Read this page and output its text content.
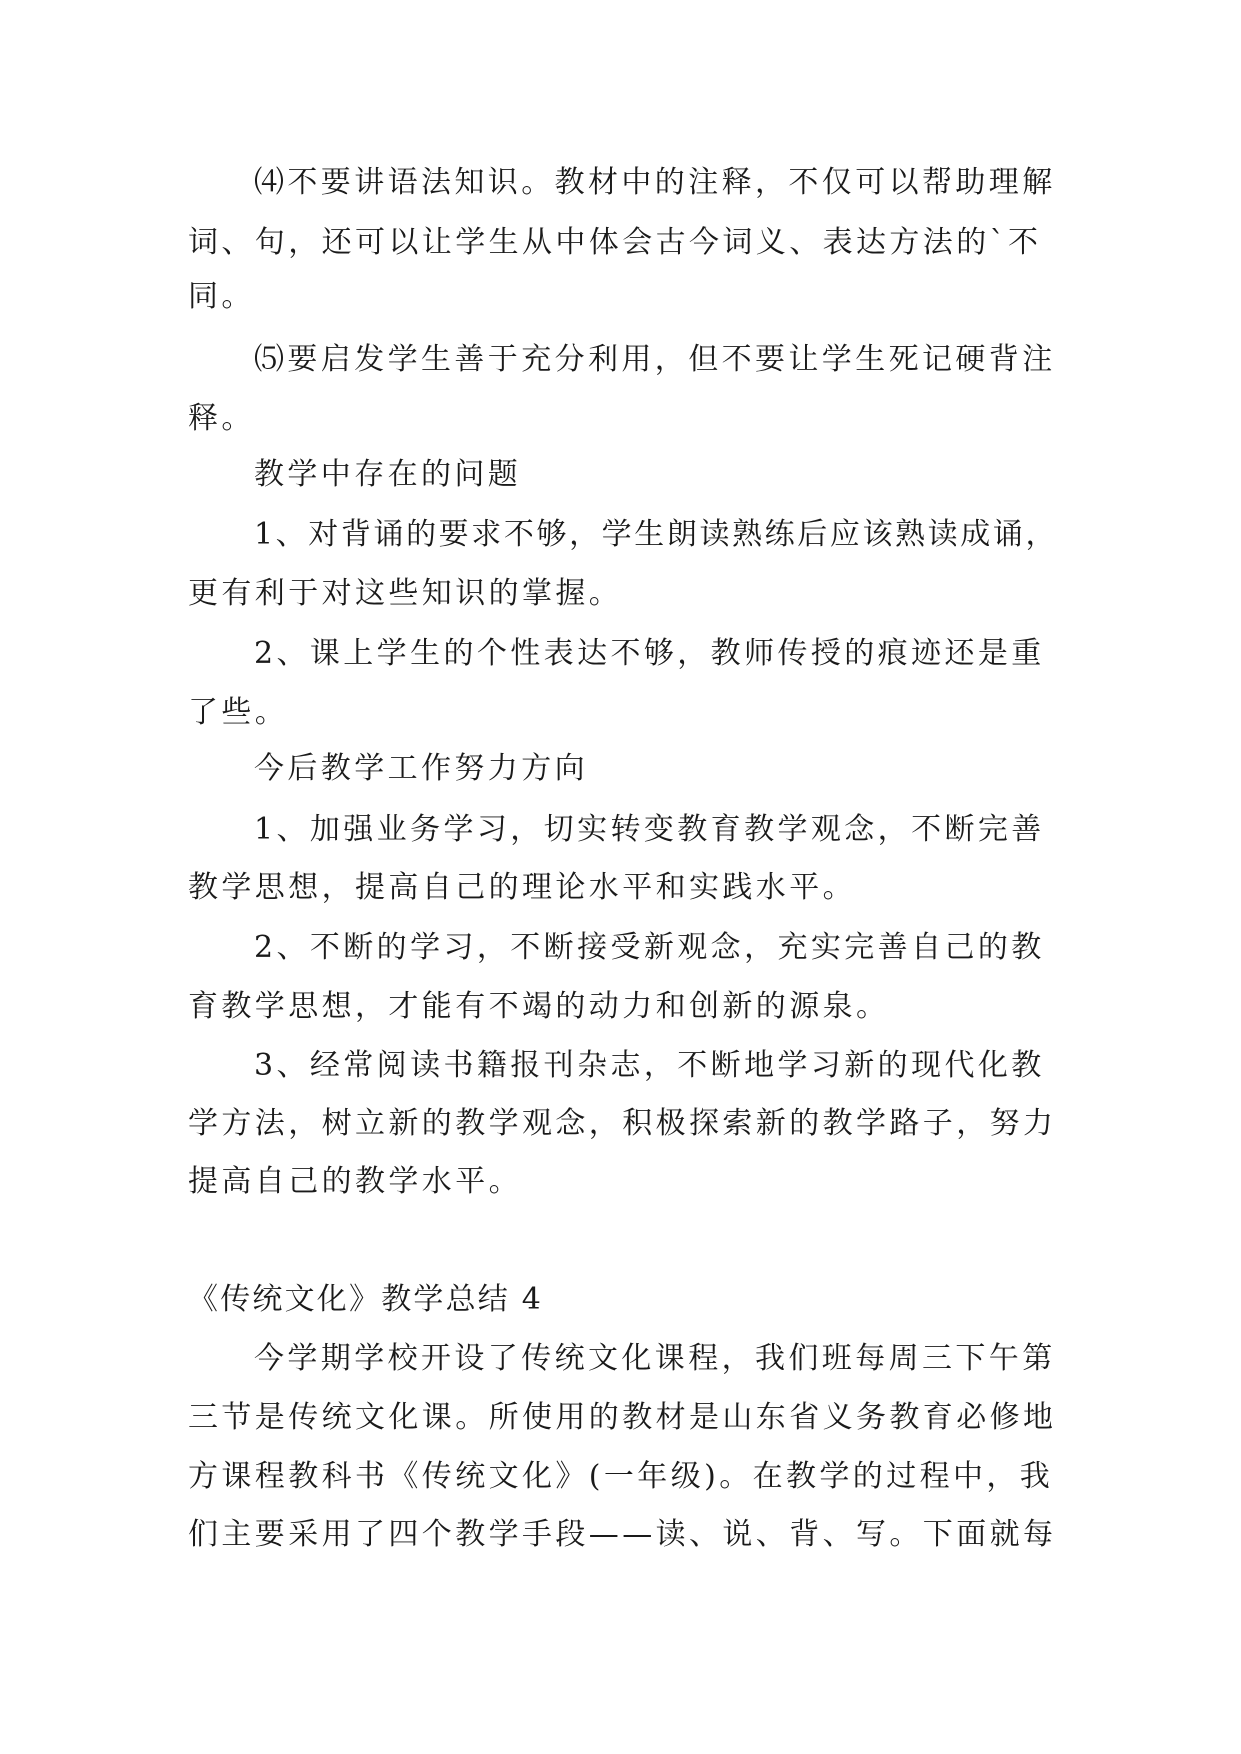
⑷不要讲语法知识。教材中的注释，不仅可以帮助理解

词、句，还可以让学生从中体会古今词义、表达方法的`不

同。

⑸要启发学生善于充分利用，但不要让学生死记硬背注

释。

教学中存在的问题

1、对背诵的要求不够，学生朗读熟练后应该熟读成诵，

更有利于对这些知识的掌握。

2、课上学生的个性表达不够，教师传授的痕迹还是重

了些。

今后教学工作努力方向

1、加强业务学习，切实转变教育教学观念，不断完善

教学思想，提高自己的理论水平和实践水平。

2、不断的学习，不断接受新观念，充实完善自己的教

育教学思想，才能有不竭的动力和创新的源泉。

3、经常阅读书籍报刊杂志，不断地学习新的现代化教

学方法，树立新的教学观念，积极探索新的教学路子，努力

提高自己的教学水平。

《传统文化》教学总结 4

今学期学校开设了传统文化课程，我们班每周三下午第

三节是传统文化课。所使用的教材是山东省义务教育必修地

方课程教科书《传统文化》(一年级)。在教学的过程中，我

们主要采用了四个教学手段——读、说、背、写。下面就每
